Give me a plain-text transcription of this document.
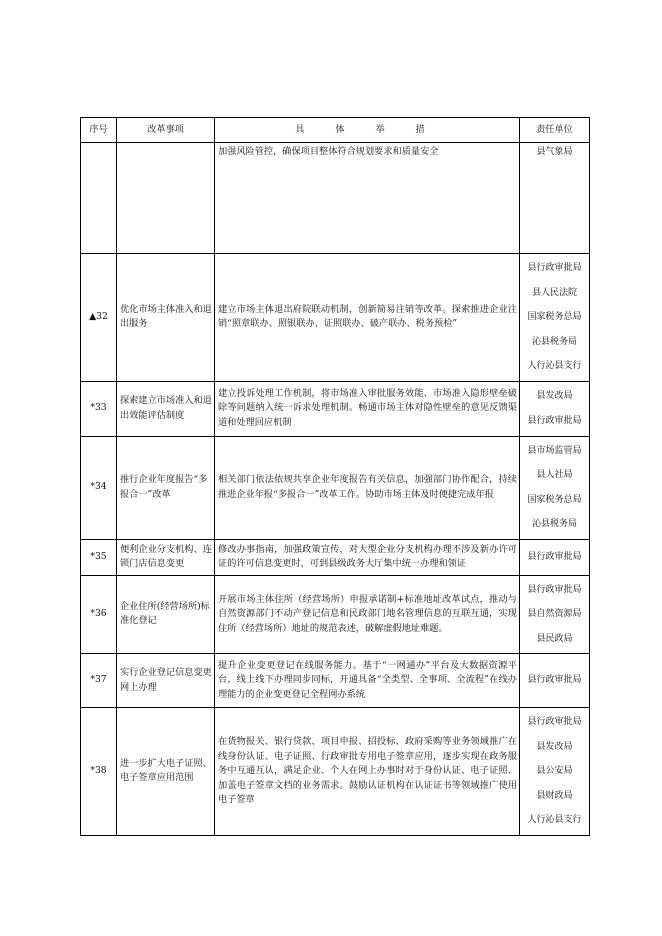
序号	改革事项	具 体 举 措	责任单位
		加强风险管控，确保项目整体符合规划要求和质量安全	县气象局

▲32	优化市场主体准入和退出服务	建立市场主体退出府院联动机制，创新简易注销等改革。探索推进企业注销“照章联办、照银联办、证照联办、破产联办、税务预检”	县行政审批局
县人民法院
国家税务总局
沁县税务局
人行沁县支行

*33	探索建立市场准入和退出效能评估制度	建立投诉处理工作机制，将市场准入审批服务效能、市场准入隐形壁垒破除等问题纳入统一诉求处理机制。畅通市场主体对隐性壁垒的意见反馈渠道和处理回应机制	县发改局
县行政审批局

*34	推行企业年度报告“多报合一”改革	相关部门依法依规共享企业年度报告有关信息，加强部门协作配合，持续推进企业年报“多报合一”改革工作。协助市场主体及时便捷完成年报	县市场监管局
县人社局
国家税务总局
沁县税务局

*35	便利企业分支机构、连锁门店信息变更	修改办事指南，加强政策宣传，对大型企业分支机构办理不涉及新办许可证的许可信息变更时，可到县级政务大厅集中统一办理和领证	县行政审批局

*36	企业住所(经营场所)标准化登记	开展市场主体住所（经营场所）申报承诺制+标准地址改革试点，推动与自然资源部门不动产登记信息和民政部门地名管理信息的互联互通，实现住所（经营场所）地址的规范表述，破解虚假地址难题。	县行政审批局
县自然资源局
县民政局

*37	实行企业登记信息变更网上办理	提升企业变更登记在线服务能力。基于“一网通办”平台及大数据资源平台，线上线下办理同步同标，开通具备“全类型、全事项、全流程”在线办理能力的企业变更登记全程网办系统	县行政审批局

*38	进一步扩大电子证照、电子签章应用范围	在货物报关、银行贷款、项目申报、招投标、政府采购等业务领域推广在线身份认证、电子证照、行政审批专用电子签章应用，逐步实现在政务服务中互通互认，满足企业、个人在网上办事时对于身份认证、电子证照、加盖电子签章文档的业务需求。鼓励认证机构在认证证书等领域推广使用电子签章	县行政审批局
县发改局
县公安局
县财政局
人行沁县支行
